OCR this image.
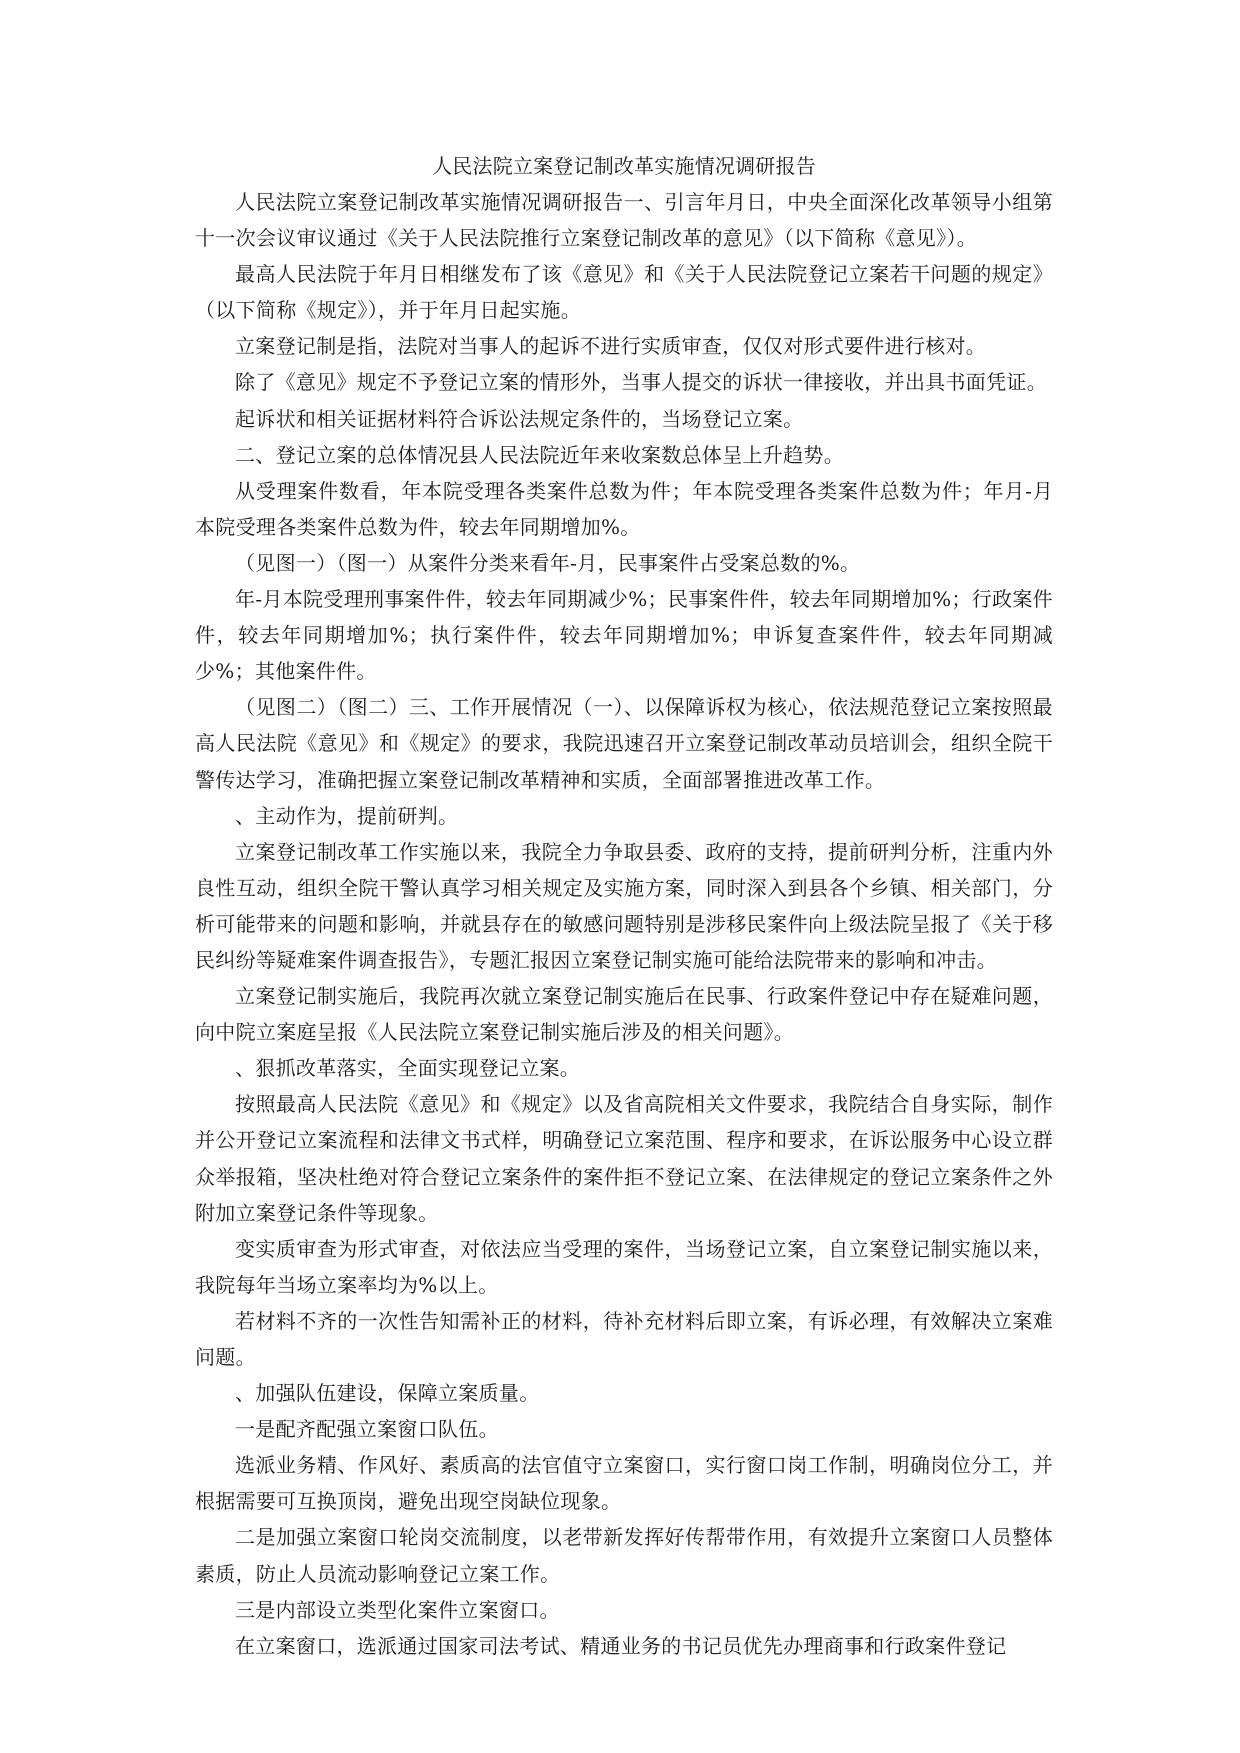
人民法院立案登记制改革实施情况调研报告

人民法院立案登记制改革实施情况调研报告一、引言年月日，中央全面深化改革领导小组第十一次会议审议通过《关于人民法院推行立案登记制改革的意见》（以下简称《意见》）。

最高人民法院于年月日相继发布了该《意见》和《关于人民法院登记立案若干问题的规定》（以下简称《规定》），并于年月日起实施。

立案登记制是指，法院对当事人的起诉不进行实质审查，仅仅对形式要件进行核对。

除了《意见》规定不予登记立案的情形外，当事人提交的诉状一律接收，并出具书面凭证。

起诉状和相关证据材料符合诉讼法规定条件的，当场登记立案。

二、登记立案的总体情况县人民法院近年来收案数总体呈上升趋势。

从受理案件数看，年本院受理各类案件总数为件；年本院受理各类案件总数为件；年月-月本院受理各类案件总数为件，较去年同期增加%。

（见图一）（图一）从案件分类来看年-月，民事案件占受案总数的%。

年-月本院受理刑事案件件，较去年同期减少%；民事案件件，较去年同期增加%；行政案件件，较去年同期增加%；执行案件件，较去年同期增加%；申诉复查案件件，较去年同期减少%；其他案件件。

（见图二）（图二）三、工作开展情况（一）、以保障诉权为核心，依法规范登记立案按照最高人民法院《意见》和《规定》的要求，我院迅速召开立案登记制改革动员培训会，组织全院干警传达学习，准确把握立案登记制改革精神和实质，全面部署推进改革工作。

、主动作为，提前研判。

立案登记制改革工作实施以来，我院全力争取县委、政府的支持，提前研判分析，注重内外良性互动，组织全院干警认真学习相关规定及实施方案，同时深入到县各个乡镇、相关部门，分析可能带来的问题和影响，并就县存在的敏感问题特别是涉移民案件向上级法院呈报了《关于移民纠纷等疑难案件调查报告》，专题汇报因立案登记制实施可能给法院带来的影响和冲击。

立案登记制实施后，我院再次就立案登记制实施后在民事、行政案件登记中存在疑难问题，向中院立案庭呈报《人民法院立案登记制实施后涉及的相关问题》。

、狠抓改革落实，全面实现登记立案。

按照最高人民法院《意见》和《规定》以及省高院相关文件要求，我院结合自身实际，制作并公开登记立案流程和法律文书式样，明确登记立案范围、程序和要求，在诉讼服务中心设立群众举报箱，坚决杜绝对符合登记立案条件的案件拒不登记立案、在法律规定的登记立案条件之外附加立案登记条件等现象。

变实质审查为形式审查，对依法应当受理的案件，当场登记立案，自立案登记制实施以来，我院每年当场立案率均为%以上。

若材料不齐的一次性告知需补正的材料，待补充材料后即立案，有诉必理，有效解决立案难问题。

、加强队伍建设，保障立案质量。

一是配齐配强立案窗口队伍。

选派业务精、作风好、素质高的法官值守立案窗口，实行窗口岗工作制，明确岗位分工，并根据需要可互换顶岗，避免出现空岗缺位现象。

二是加强立案窗口轮岗交流制度，以老带新发挥好传帮带作用，有效提升立案窗口人员整体素质，防止人员流动影响登记立案工作。

三是内部设立类型化案件立案窗口。

在立案窗口，选派通过国家司法考试、精通业务的书记员优先办理商事和行政案件登记
